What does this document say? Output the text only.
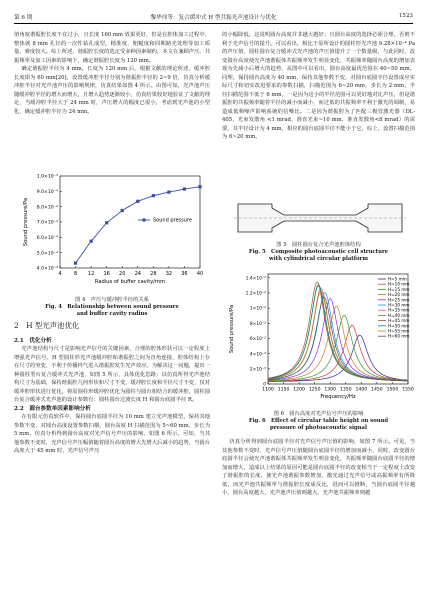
第 6 期	黎华伟等：复合缓冲式 H 型共振光声池设计与优化	1523

值角度谐振腔长度不宜过小，且长度 160 mm 效果更好，但是在腔体加工过程中，整体就 8 mm 孔径的一次性钻孔成型，精准度、粗糙度和同期路光处理等加工质量，难度较大。综上所述，谐振腔长度的选定受多种因素制约，本文在兼顾声压、共振频率及加工因素的影响下，确定谐振腔长度为 120 mm。

确定谐振腔半径为 4 mm，长度为 120 mm 后，根据文献的理论所述，缓冲腔长度即为 60 mm[20]，设置缓冲腔半径分别为谐振腔半径的 2~9 倍，仿真分析缓冲腔半径对光声池声压的影响规律，仿真结果如图 4 所示。由图可知，光声池声压随缓冲腔半径的增大而增大，且增大趋势逐渐较小，仿真结果较好地验证了文献的理论，当缓冲腔半径大于 24 mm 时，声压增大的幅度已很小，考虑到光声池的小型化，确定缓冲腔半径为 24 mm。

4 8 12 16 20 24 28 32 36 40
4.0×10⁻⁴
5.0×10⁻⁴
6.0×10⁻⁴
7.0×10⁻⁴
8.0×10⁻⁴
9.0×10⁻⁴
1.0×10⁻³
Radius of buffer cavity/mm
Sound pressure/Pa	Sound pressure
图 4　声压与缓冲腔半径的关系
Fig. 4　Relationship between sound pressure
and buffer cavity radius
2　H 型光声池优化
2.1　优化分析

光声池结构与尺寸是影响光声信号的关键因素，合理的腔体形状可以一定程度上增强光声信号。H 型圆柱形光声池缓冲腔和谐振腔之间为直角连接，腔体结构上存在尺寸的突变，不利于传播样气进入谐振腔发生光声效应。为解决这一问题，提出一种圆柱型台复合缓冲式光声池，如图 5 所示，具体优化思路：以仿真所得光声池结构尺寸为基础，保持谐振腔几何形状和尺寸不变，缓冲腔长度和半径尺寸不变，仅对缓冲腔形状进行优化，将原圆柱形缓冲腔优化为圆柱与圆台相结合的缓冲腔，圆柱圆台复合缓冲式光声池的设计参数有：圆柱圆台过渡长度 H 和圆台底圆半径 R。

2.2　圆台参数单因素影响分析

在有限元仿真软件中，保持圆台底圆半径为 10 mm 建立光声池模型，保持其他参数不变，对圆台高度设置参数扫描，圆台高度 H 扫描范围为 5~60 mm，步长为 5 mm，仿真分析得到圆台高度对光声信号声压的影响，如图 6 所示。可知，当其他参数不变时，光声信号声压幅值随着圆台高度的增大先增大后减小的趋势，当圆台高度大于 45 mm 时，光声信号声压

的小幅降低，这说明圆台高度并非越大越好；且圆台高度的选择必须合理，否则不利于光声信号的提升。可以看出，相比于原所设计的圆柱形光声池 9.28×10⁻⁴ Pa 的声压值，圆柱圆台复合缓冲式光声池的声压值提升了一个数量级，与此同时，改变圆台高度使光声池谐振体共振频率发生明显变化，共振频率随圆台高度的增加表现为先减小后增大的趋势，从图中可以看出，圆台高度最优范围在 40~50 mm。同理，保持圆台高度为 40 mm，保持其他参数不变，对圆台底圆半径设置成应实际尺寸和切实改进要求的参数扫描，扫描范围为 6~20 mm，步长为 2 mm，半径扫描范围不低于 6 mm，一是因为这小的半径范围可以更好地对比声压，但是谐振腔的共振频率随着半径的减小而减小，而过低的共振频率不利于激光的调制，易造成低频噪声影响系统的信噪比。二是因为谐振腔为了匹配三极管激光器（DL-405，光束发散角 <1 mrad，准直光束~10 mm，准直发散角<8 mrad）的需要，其半径设计为 4 mm，相应的圆台底圆半径不能小于它，综上，设置扫描范围为 6~20 mm。

图 5　圆柱圆台复合光声池腔体结构
Fig. 5　Composite photoacoustic cell structure
with cylindrical circular platform
1100 1150 1200 1250 1300 1350 1400 1450 1500 1550
0
2×10⁻³
4×10⁻³
6×10⁻³
8×10⁻³
1×10⁻²
1.2×10⁻²
1.4×10⁻²
Frequency/Hz
Sound pressure/Pa
H=5 mm
H=10 mm
H=15 mm
H=20 mm
H=25 mm
H=30 mm
H=35 mm
H=40 mm
H=45 mm
H=50 mm
H=55 mm
H=60 mm
图 6　圆台高度对光声信号声压的影响
Fig. 6　Effect of circular table height on sound
pressure of photoacoustic signal

仿真分析得到圆台底圆半径对光声信号声压值的影响，如图 7 所示。可见，当其他参数不变时，光声信号声压值随圆台底圆半径的增加而减小，同时，改变圆台底圆半径会使光声池谐振体共振频率发生明显变化，共振频率随圆台底圆半径的增加而增大，造成以上结果的原因可能是圆台底圆半径的改变相当于一定程度上改变了谐振腔的长度，使光声池谐振参数增加，激光通过光声信号或高振频率有所降低，而光声池共振频率与谐振腔长度成反比，进而可以推断，当圆台底圆半径越小，圆台高度越大，光声池声压值则越大，光声池共振频率则越
